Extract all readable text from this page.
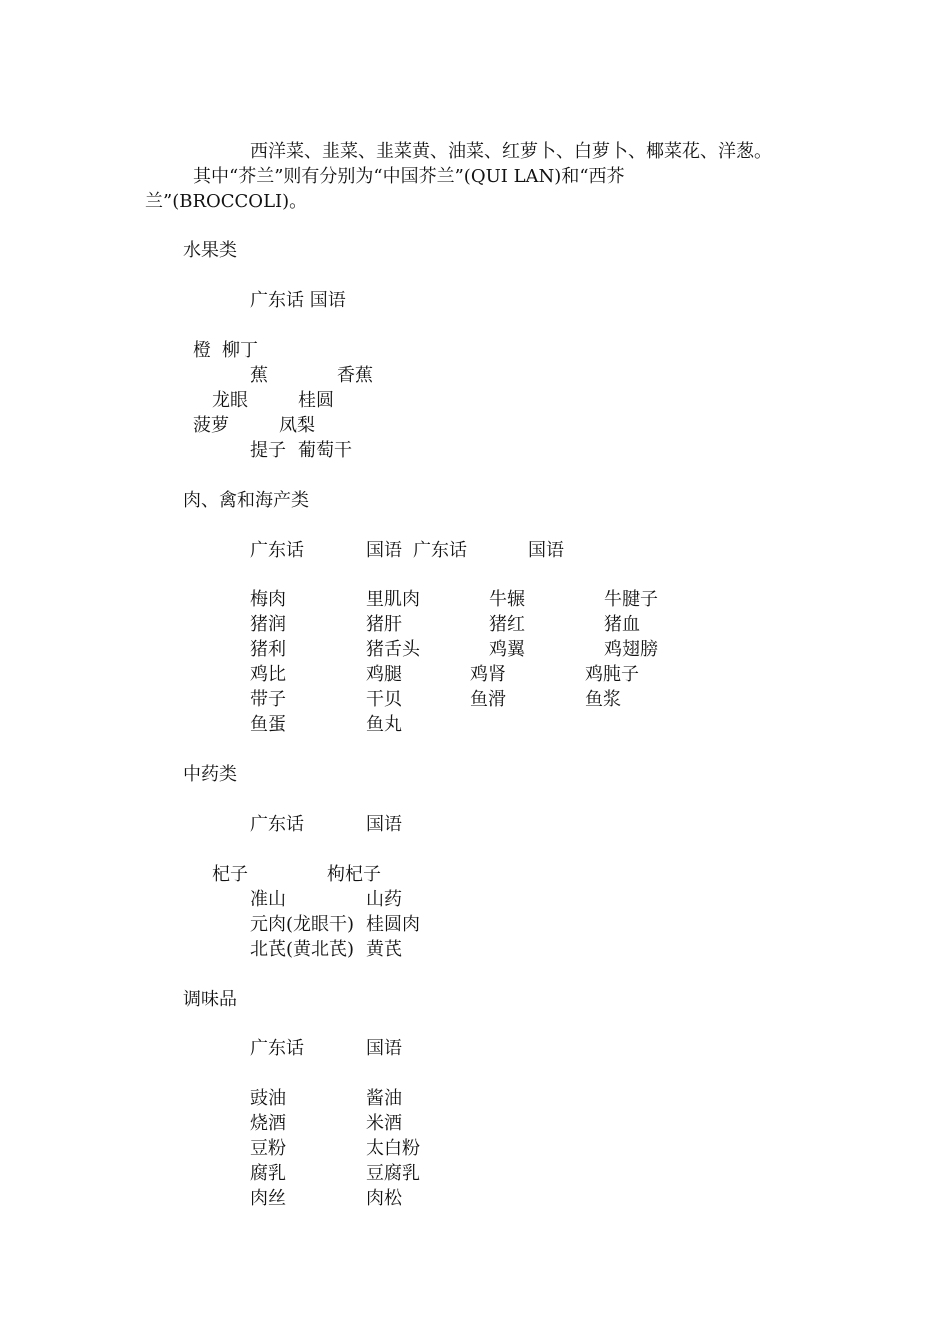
西洋菜、韭菜、韭菜黄、油菜、红萝卜、白萝卜、椰菜花、洋葱。
其中“芥兰”则有分别为“中国芥兰”(QUI LAN)和“西芥
兰”(BROCCOLI)。
水果类
广东话 国语
橙 柳丁
蕉	香蕉
龙眼	桂圆
菠萝	凤梨
提子 葡萄干
肉、禽和海产类
广东话	国语 广东话	国语
梅肉	里肌肉	牛辗	牛腱子
猪润	猪肝	猪红	猪血
猪利	猪舌头	鸡翼	鸡翅膀
鸡比	鸡腿	鸡肾	鸡肫子
带子	干贝	鱼滑	鱼浆
鱼蛋	鱼丸
中药类
广东话	国语
杞子	枸杞子
准山	山药
元肉(龙眼干) 桂圆肉
北芪(黄北芪) 黄芪
调味品
广东话	国语
豉油	酱油
烧酒	米酒
豆粉	太白粉
腐乳	豆腐乳
肉丝	肉松
